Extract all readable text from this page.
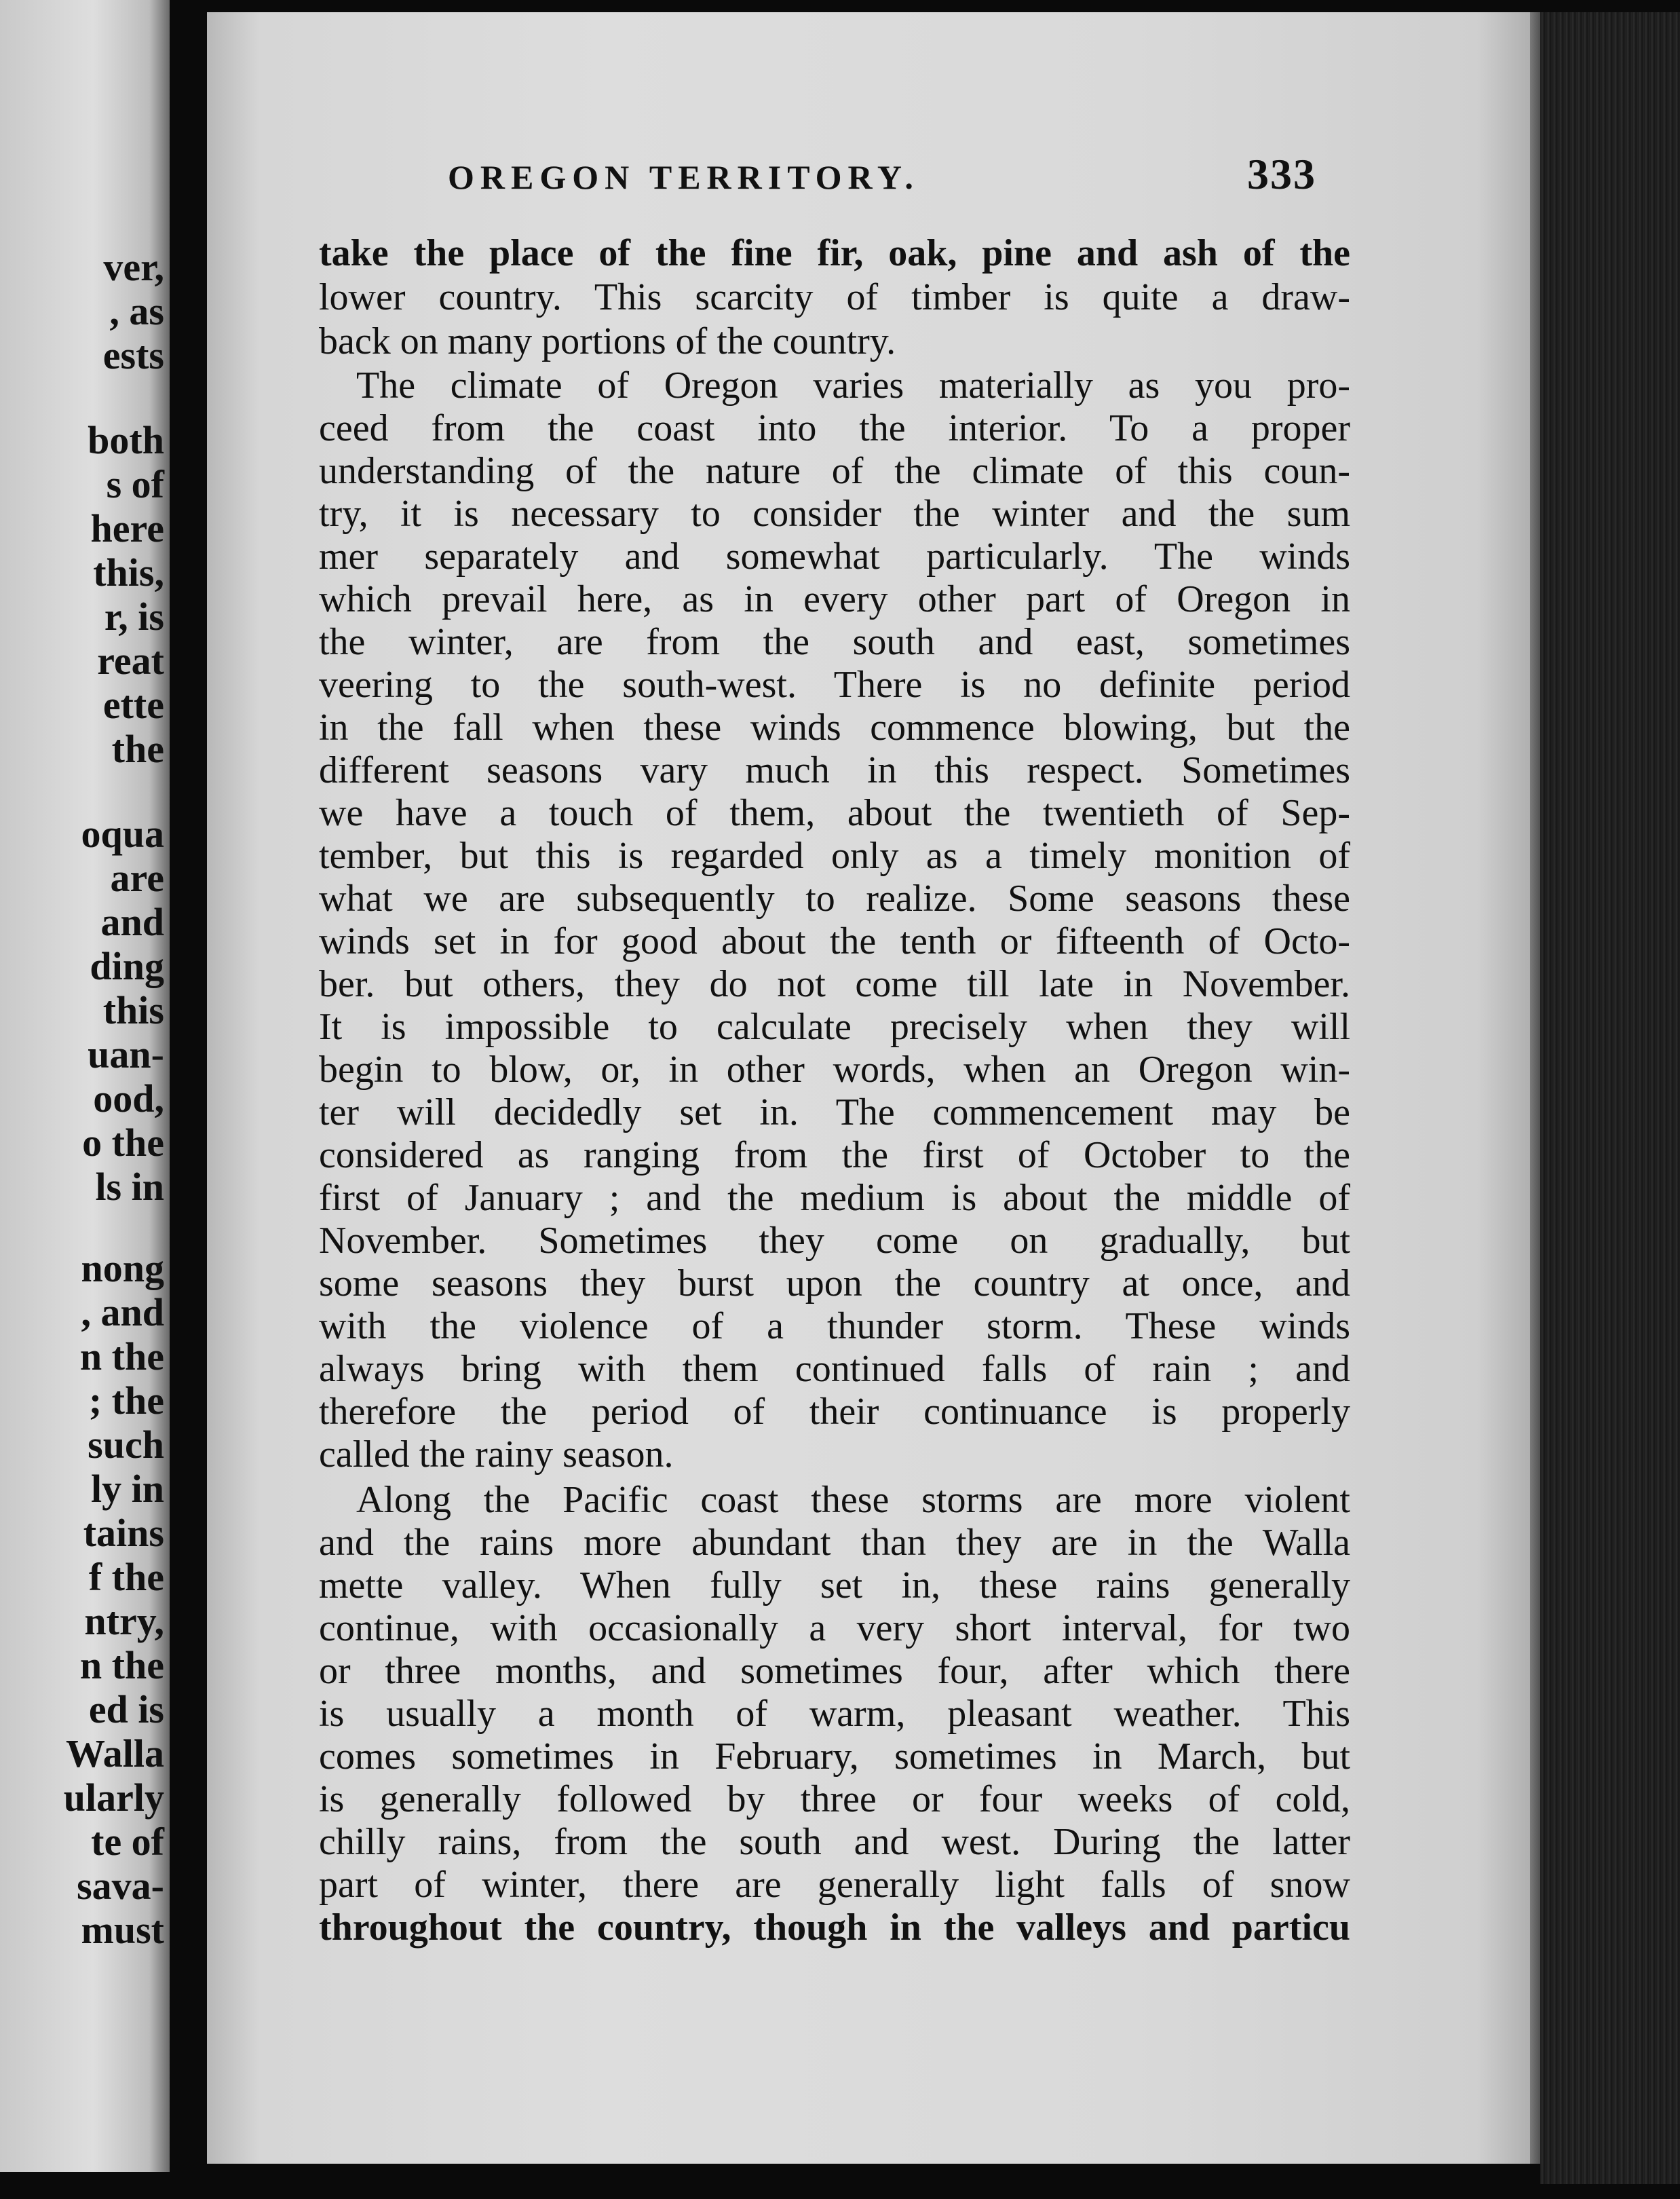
ver,
, as
ests
both
s of
here
this,
r, is
reat
ette
the
oqua
are
and
ding
this
uan-
ood,
o the
ls in
nong
, and
n the
; the
such
ly in
tains
f the
ntry,
n the
ed is
Walla
ularly
te of
sava-
must
OREGON TERRITORY.	333
take the place of the fine fir, oak, pine and ash of the
lower country. This scarcity of timber is quite a draw-
back on many portions of the country.
The climate of Oregon varies materially as you pro-
ceed from the coast into the interior. To a proper
understanding of the nature of the climate of this coun-
try, it is necessary to consider the winter and the sum
mer separately and somewhat particularly. The winds
which prevail here, as in every other part of Oregon in
the winter, are from the south and east, sometimes
veering to the south-west. There is no definite period
in the fall when these winds commence blowing, but the
different seasons vary much in this respect. Sometimes
we have a touch of them, about the twentieth of Sep-
tember, but this is regarded only as a timely monition of
what we are subsequently to realize. Some seasons these
winds set in for good about the tenth or fifteenth of Octo-
ber. but others, they do not come till late in November.
It is impossible to calculate precisely when they will
begin to blow, or, in other words, when an Oregon win-
ter will decidedly set in. The commencement may be
considered as ranging from the first of October to the
first of January ; and the medium is about the middle of
November. Sometimes they come on gradually, but
some seasons they burst upon the country at once, and
with the violence of a thunder storm. These winds
always bring with them continued falls of rain ; and
therefore the period of their continuance is properly
called the rainy season.
Along the Pacific coast these storms are more violent
and the rains more abundant than they are in the Walla
mette valley. When fully set in, these rains generally
continue, with occasionally a very short interval, for two
or three months, and sometimes four, after which there
is usually a month of warm, pleasant weather. This
comes sometimes in February, sometimes in March, but
is generally followed by three or four weeks of cold,
chilly rains, from the south and west. During the latter
part of winter, there are generally light falls of snow
throughout the country, though in the valleys and particu
